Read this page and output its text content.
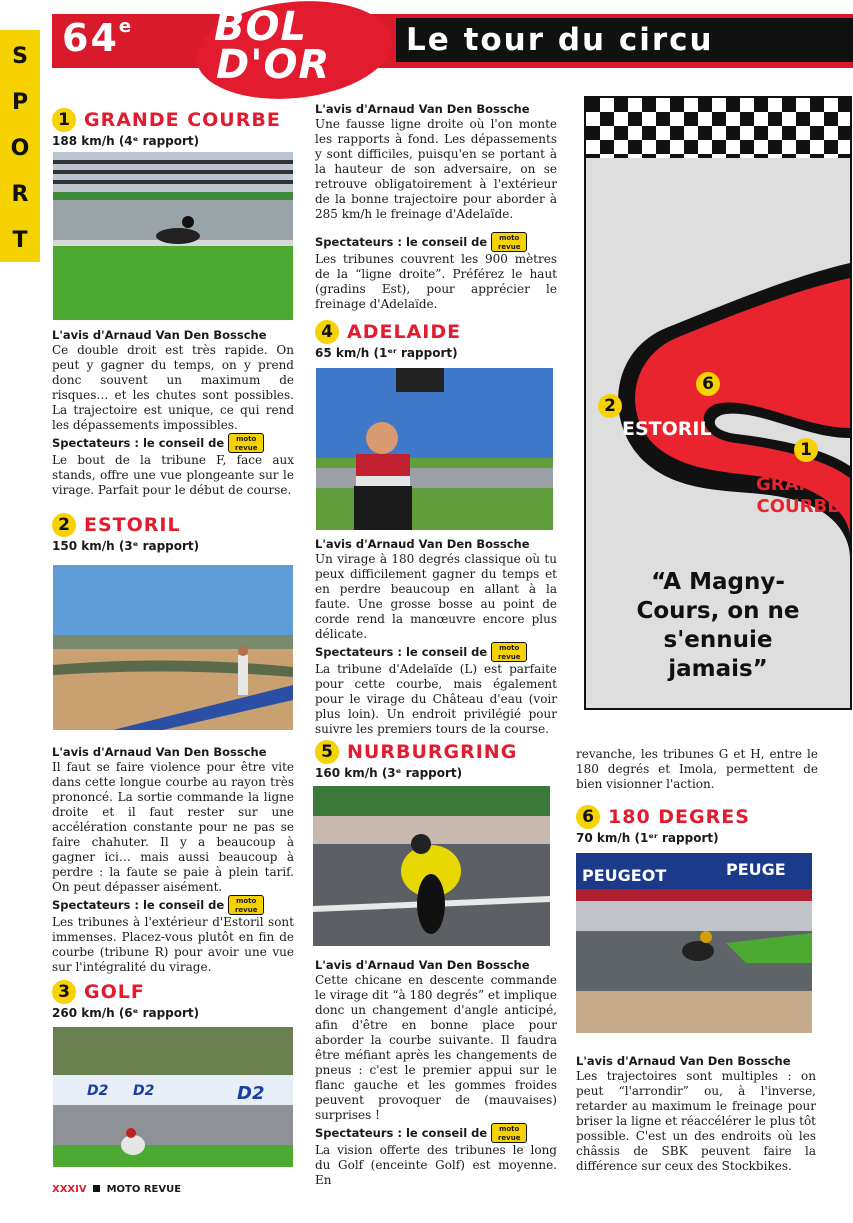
S
P
O
R
T
64e BOL
D'OR
Le tour du circu
1 GRANDE COURBE
188 km/h (4ᵉ rapport)
L'avis d'Arnaud Van Den Bossche
Ce double droit est très rapide. On peut y gagner du temps, on y prend donc souvent un maximum de risques… et les chutes sont possibles. La trajectoire est unique, ce qui rend les dépassements impossibles.
Spectateurs : le conseil de	moto
revue
Le bout de la tribune F, face aux stands, offre une vue plongeante sur le virage. Parfait pour le début de course.
2 ESTORIL
150 km/h (3ᵉ rapport)
L'avis d'Arnaud Van Den Bossche
Il faut se faire violence pour être vite dans cette longue courbe au rayon très prononcé. La sortie commande la ligne droite et il faut rester sur une accélération constante pour ne pas se faire chahuter. Il y a beaucoup à gagner ici… mais aussi beaucoup à perdre : la faute se paie à plein tarif. On peut dépasser aisément.
Spectateurs : le conseil de	moto
revue
Les tribunes à l'extérieur d'Estoril sont immenses. Placez-vous plutôt en fin de courbe (tribune R) pour avoir une vue sur l'intégralité du virage.
3 GOLF
260 km/h (6ᵉ rapport)
D2 D2	D2
L'avis d'Arnaud Van Den Bossche
Une fausse ligne droite où l'on monte les rapports à fond. Les dépassements y sont difficiles, puisqu'en se portant à la hauteur de son adversaire, on se retrouve obligatoirement à l'extérieur de la bonne trajectoire pour aborder à 285 km/h le freinage d'Adelaïde.
Spectateurs : le conseil de	moto
revue
Les tribunes couvrent les 900 mètres de la “ligne droite”. Préférez le haut (gradins Est), pour apprécier le freinage d'Adelaïde.
4 ADELAIDE
65 km/h (1ᵉʳ rapport)
L'avis d'Arnaud Van Den Bossche
Un virage à 180 degrés classique où tu peux difficilement gagner du temps et en perdre beaucoup en allant à la faute. Une grosse bosse au point de corde rend la manœuvre encore plus délicate.
Spectateurs : le conseil de	moto
revue
La tribune d'Adelaïde (L) est parfaite pour cette courbe, mais également pour le virage du Château d'eau (voir plus loin). Un endroit privilégié pour suivre les premiers tours de la course.
5 NURBURGRING
160 km/h (3ᵉ rapport)
L'avis d'Arnaud Van Den Bossche
Cette chicane en descente commande le virage dit “à 180 degrés” et implique donc un changement d'angle anticipé, afin d'être en bonne place pour aborder la courbe suivante. Il faudra être méfiant après les changements de pneus : c'est le premier appui sur le flanc gauche et les gommes froides peuvent provoquer de (mauvaises) surprises !
Spectateurs : le conseil de	moto
revue
La vision offerte des tribunes le long du Golf (enceinte Golf) est moyenne. En
2
ESTORIL
6 180°
1
GRANDE
COURBE
“A Magny-
Cours, on ne
s'ennuie
jamais”
revanche, les tribunes G et H, entre le 180 degrés et Imola, permettent de bien visionner l'action.
6 180 DEGRES
70 km/h (1ᵉʳ rapport)
PEUGEOT	PEUGE
L'avis d'Arnaud Van Den Bossche
Les trajectoires sont multiples : on peut “l'arrondir” ou, à l'inverse, retarder au maximum le freinage pour briser la ligne et réaccélérer le plus tôt possible. C'est un des endroits où les châssis de SBK peuvent faire la différence sur ceux des Stockbikes.
XXXIV MOTO REVUE
